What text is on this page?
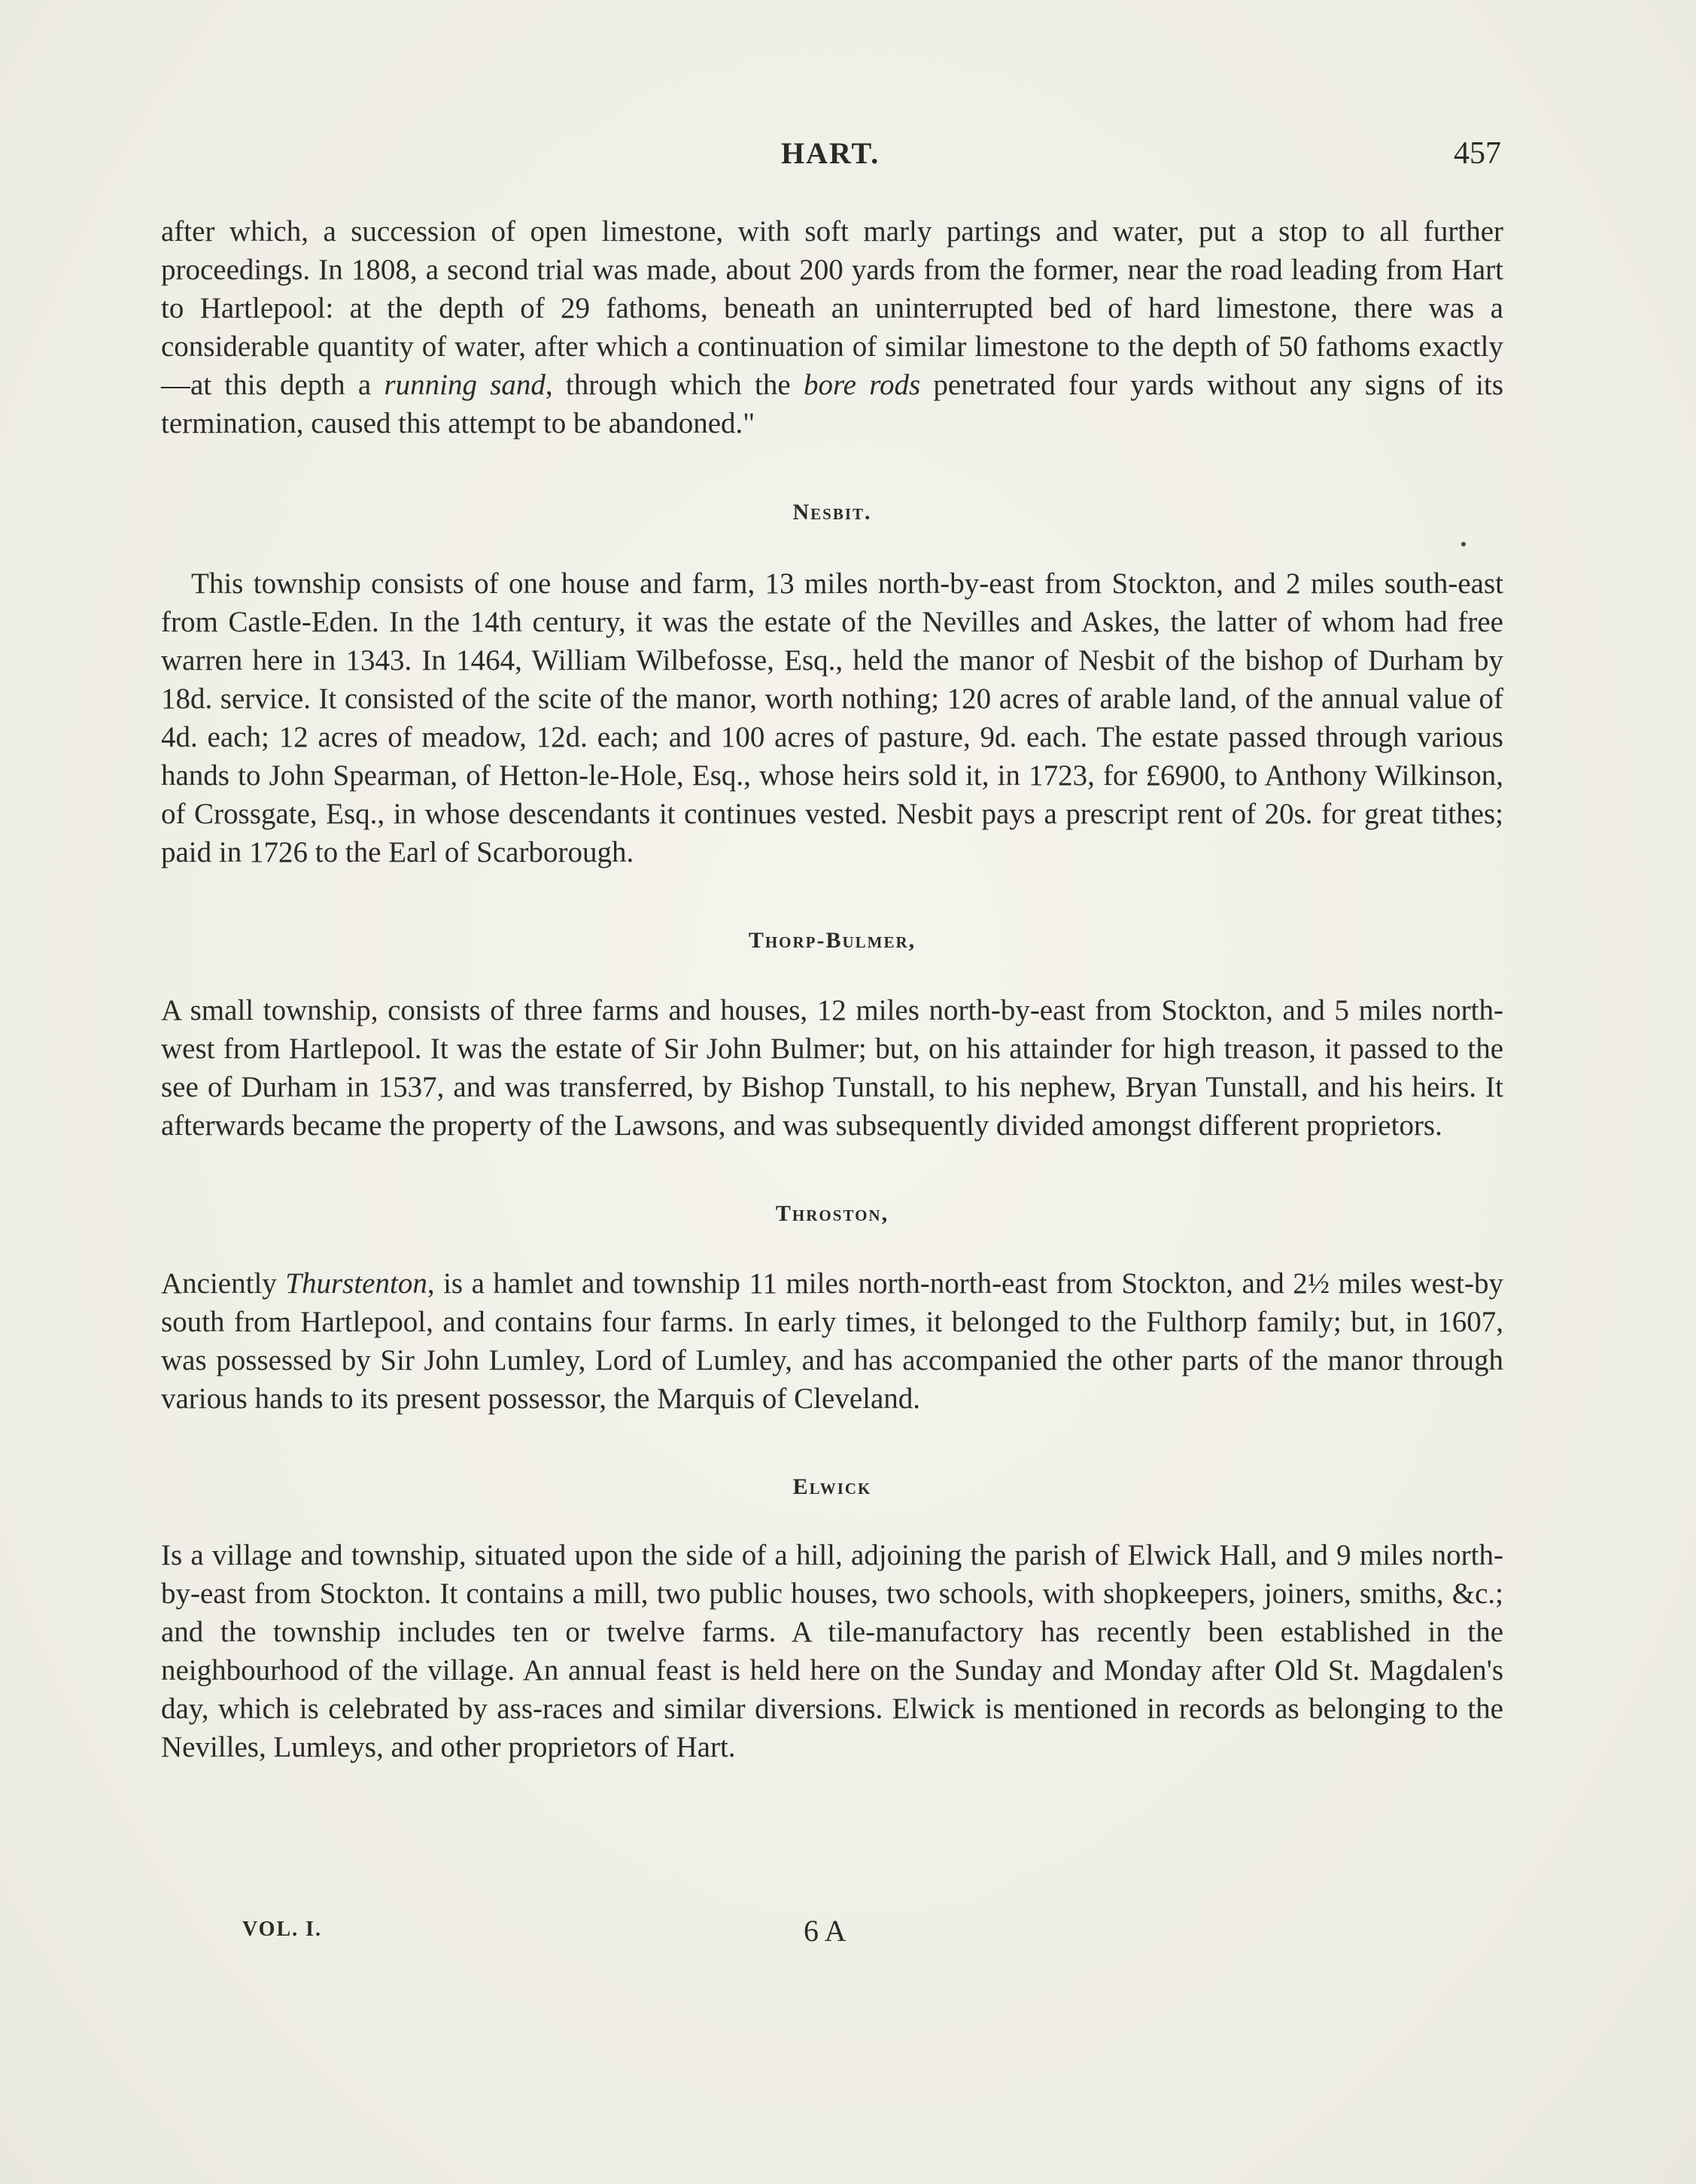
HART.	457

after which, a succession of open limestone, with soft marly partings and water, put a stop to all further proceedings. In 1808, a second trial was made, about 200 yards from the former, near the road leading from Hart to Hartlepool: at the depth of 29 fathoms, beneath an uninterrupted bed of hard limestone, there was a considerable quantity of water, after which a continuation of similar limestone to the depth of 50 fathoms exactly—at this depth a running sand, through which the bore rods penetrated four yards without any signs of its termination, caused this attempt to be abandoned."

Nesbit.

This township consists of one house and farm, 13 miles north-by-east from Stockton, and 2 miles south-east from Castle-Eden. In the 14th century, it was the estate of the Nevilles and Askes, the latter of whom had free warren here in 1343. In 1464, William Wilbefosse, Esq., held the manor of Nesbit of the bishop of Durham by 18d. service. It consisted of the scite of the manor, worth nothing; 120 acres of arable land, of the annual value of 4d. each; 12 acres of meadow, 12d. each; and 100 acres of pasture, 9d. each. The estate passed through various hands to John Spearman, of Hetton-le-Hole, Esq., whose heirs sold it, in 1723, for £6900, to Anthony Wilkinson, of Crossgate, Esq., in whose descendants it continues vested. Nesbit pays a prescript rent of 20s. for great tithes; paid in 1726 to the Earl of Scarborough.

Thorp-Bulmer,

A small township, consists of three farms and houses, 12 miles north-by-east from Stockton, and 5 miles north-west from Hartlepool. It was the estate of Sir John Bulmer; but, on his attainder for high treason, it passed to the see of Durham in 1537, and was transferred, by Bishop Tunstall, to his nephew, Bryan Tunstall, and his heirs. It afterwards became the property of the Lawsons, and was subsequently divided amongst different proprietors.

Throston,

Anciently Thurstenton, is a hamlet and township 11 miles north-north-east from Stockton, and 2½ miles west-by south from Hartlepool, and contains four farms. In early times, it belonged to the Fulthorp family; but, in 1607, was possessed by Sir John Lumley, Lord of Lumley, and has accompanied the other parts of the manor through various hands to its present possessor, the Marquis of Cleveland.

Elwick

Is a village and township, situated upon the side of a hill, adjoining the parish of Elwick Hall, and 9 miles north-by-east from Stockton. It contains a mill, two public houses, two schools, with shopkeepers, joiners, smiths, &c.; and the township includes ten or twelve farms. A tile-manufactory has recently been established in the neighbourhood of the village. An annual feast is held here on the Sunday and Monday after Old St. Magdalen's day, which is celebrated by ass-races and similar diversions. Elwick is mentioned in records as belonging to the Nevilles, Lumleys, and other proprietors of Hart.

VOL. I.	6 A
